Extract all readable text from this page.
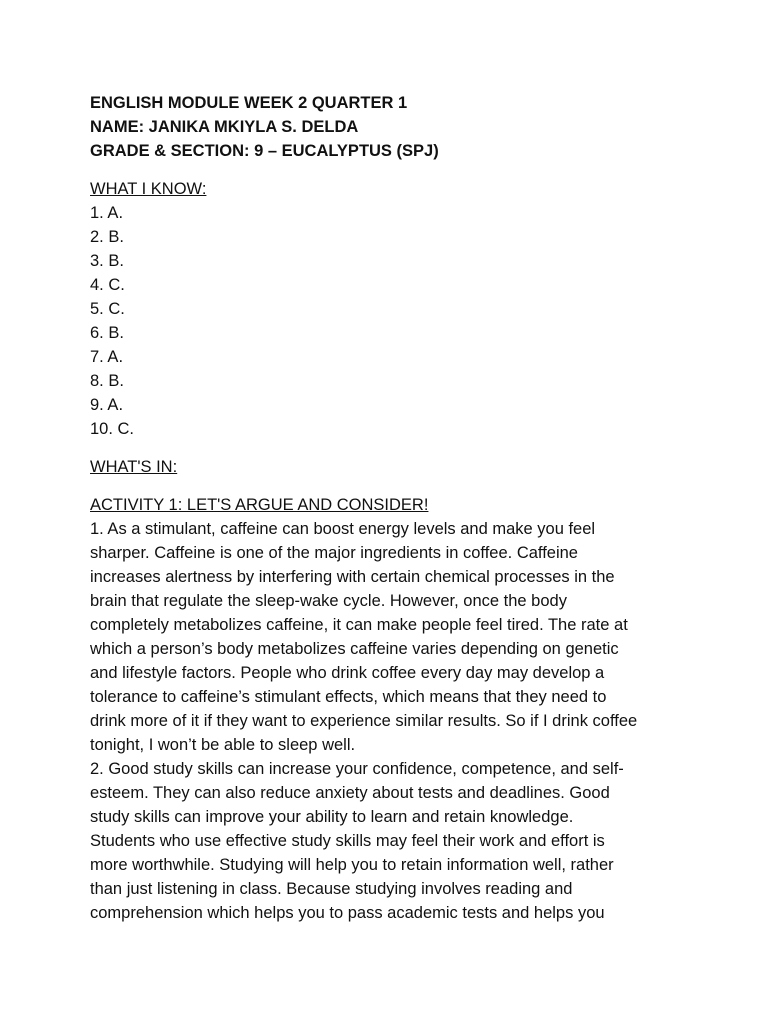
ENGLISH MODULE WEEK 2 QUARTER 1
NAME: JANIKA MKIYLA S. DELDA
GRADE & SECTION: 9 – EUCALYPTUS (SPJ)
WHAT I KNOW:
1. A.
2. B.
3. B.
4. C.
5. C.
6. B.
7. A.
8. B.
9. A.
10. C.
WHAT'S IN:
ACTIVITY 1: LET'S ARGUE AND CONSIDER!
1. As a stimulant, caffeine can boost energy levels and make you feel
sharper. Caffeine is one of the major ingredients in coffee. Caffeine
increases alertness by interfering with certain chemical processes in the
brain that regulate the sleep-wake cycle. However, once the body
completely metabolizes caffeine, it can make people feel tired. The rate at
which a person’s body metabolizes caffeine varies depending on genetic
and lifestyle factors. People who drink coffee every day may develop a
tolerance to caffeine’s stimulant effects, which means that they need to
drink more of it if they want to experience similar results. So if I drink coffee
tonight, I won’t be able to sleep well.
2. Good study skills can increase your confidence, competence, and self-
esteem. They can also reduce anxiety about tests and deadlines. Good
study skills can improve your ability to learn and retain knowledge.
Students who use effective study skills may feel their work and effort is
more worthwhile. Studying will help you to retain information well, rather
than just listening in class. Because studying involves reading and
comprehension which helps you to pass academic tests and helps you
